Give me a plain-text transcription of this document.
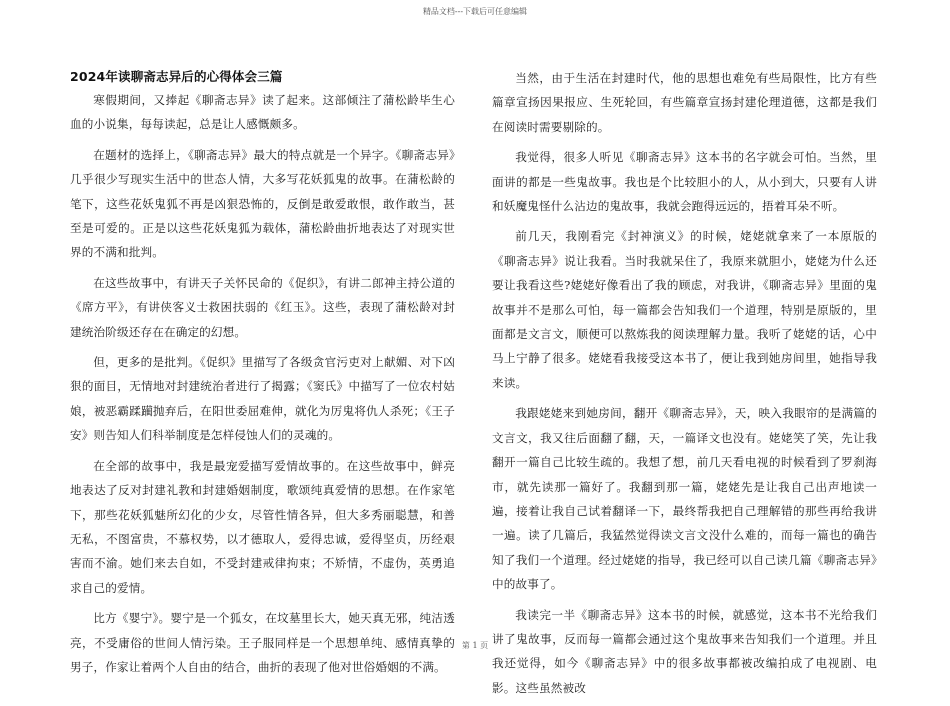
精品文档---下载后可任意编辑
2024年读聊斋志异后的心得体会三篇

寒假期间，又捧起《聊斋志异》读了起来。这部倾注了蒲松龄毕生心血的小说集，每每读起，总是让人感慨颇多。

在题材的选择上，《聊斋志异》最大的特点就是一个异字。《聊斋志异》几乎很少写现实生活中的世态人情，大多写花妖狐鬼的故事。在蒲松龄的笔下，这些花妖鬼狐不再是凶狠恐怖的，反倒是敢爱敢恨，敢作敢当，甚至是可爱的。正是以这些花妖鬼狐为载体，蒲松龄曲折地表达了对现实世界的不满和批判。

在这些故事中，有讲天子关怀民命的《促织》，有讲二郎神主持公道的《席方平》，有讲侠客义士救困扶弱的《红玉》。这些，表现了蒲松龄对封建统治阶级还存在在确定的幻想。

但，更多的是批判。《促织》里描写了各级贪官污吏对上献媚、对下凶狠的面目，无情地对封建统治者进行了揭露；《窦氏》中描写了一位农村姑娘，被恶霸蹂躏抛弃后，在阳世委屈难伸，就化为厉鬼将仇人杀死；《王子安》则告知人们科举制度是怎样侵蚀人们的灵魂的。

在全部的故事中，我是最宠爱描写爱情故事的。在这些故事中，鲜亮地表达了反对封建礼教和封建婚姻制度，歌颂纯真爱情的思想。在作家笔下，那些花妖狐魅所幻化的少女，尽管性情各异，但大多秀丽聪慧，和善无私，不图富贵，不慕权势，以才德取人，爱得忠诚，爱得坚贞，历经艰害而不渝。她们来去自如，不受封建戒律拘束；不矫情，不虚伪，英勇追求自己的爱情。

比方《婴宁》。婴宁是一个狐女，在坟墓里长大，她天真无邪，纯洁透亮，不受庸俗的世间人情污染。王子服同样是一个思想单纯、感情真挚的男子，作家让着两个人自由的结合，曲折的表现了他对世俗婚姻的不满。

当然，由于生活在封建时代，他的思想也难免有些局限性，比方有些篇章宣扬因果报应、生死轮回，有些篇章宣扬封建伦理道德，这都是我们在阅读时需要剔除的。

我觉得，很多人听见《聊斋志异》这本书的名字就会可怕。当然，里面讲的都是一些鬼故事。我也是个比较胆小的人，从小到大，只要有人讲和妖魔鬼怪什么沾边的鬼故事，我就会跑得远远的，捂着耳朵不听。

前几天，我刚看完《封神演义》的时候，姥姥就拿来了一本原版的《聊斋志异》说让我看。当时我就呆住了，我原来就胆小，姥姥为什么还要让我看这些?姥姥好像看出了我的顾虑，对我讲，《聊斋志异》里面的鬼故事并不是那么可怕，每一篇都会告知我们一个道理，特别是原版的，里面都是文言文，顺便可以熬炼我的阅读理解力量。我听了姥姥的话，心中马上宁静了很多。姥姥看我接受这本书了，便让我到她房间里，她指导我来读。

我跟姥姥来到她房间，翻开《聊斋志异》，天，映入我眼帘的是满篇的文言文，我又往后面翻了翻，天，一篇译文也没有。姥姥笑了笑，先让我翻开一篇自己比较生疏的。我想了想，前几天看电视的时候看到了罗刹海市，就先读那一篇好了。我翻到那一篇，姥姥先是让我自己出声地读一遍，接着让我自己试着翻译一下，最终帮我把自己理解错的那些再给我讲一遍。读了几篇后，我猛然觉得读文言文没什么难的，而每一篇也的确告知了我们一个道理。经过姥姥的指导，我已经可以自己读几篇《聊斋志异》中的故事了。

我读完一半《聊斋志异》这本书的时候，就感觉，这本书不光给我们讲了鬼故事，反而每一篇都会通过这个鬼故事来告知我们一个道理。并且我还觉得，如今《聊斋志异》中的很多故事都被改编拍成了电视剧、电影。这些虽然被改

第 1 页
